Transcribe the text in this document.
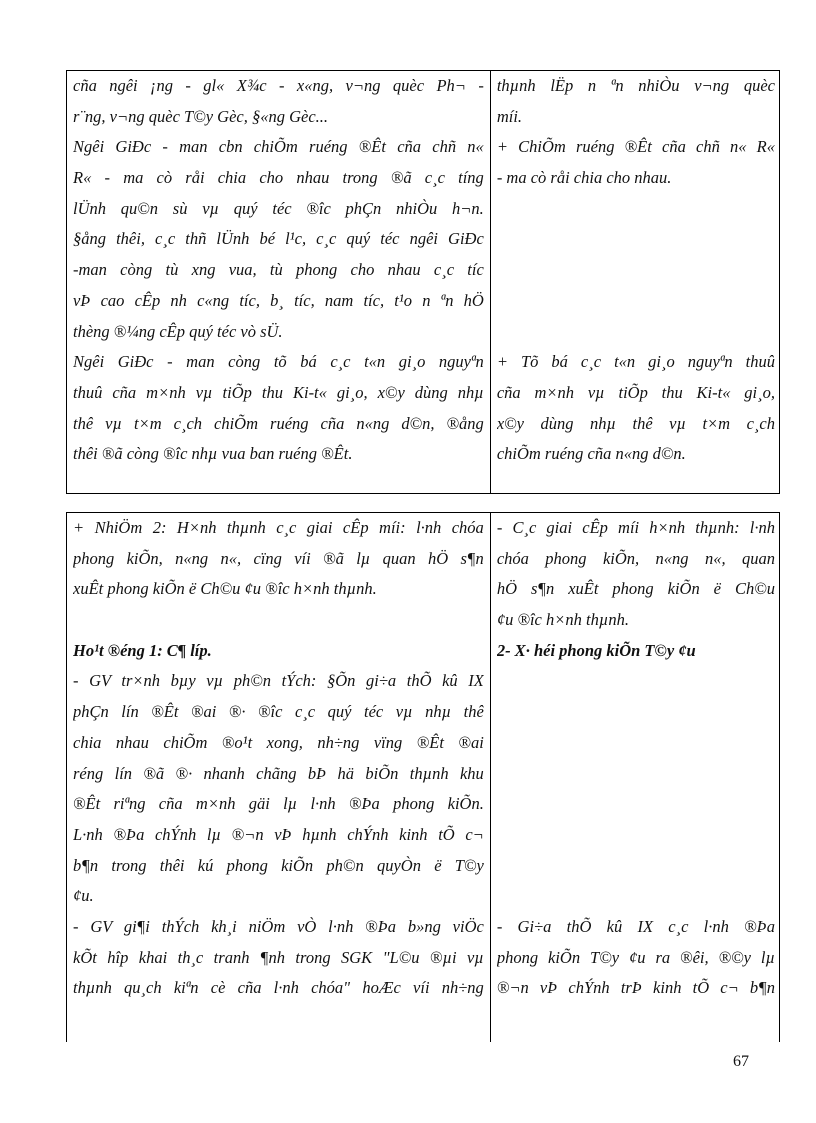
cña ngêi ¡ng - gl« X¾c - x«ng, v¬ng quèc Ph¬ -
r¨ng, v¬ng quèc T©y Gèc, §«ng Gèc...
Ngêi GiÐc - man cbn chiÕm ruéng ®Êt cña chñ n«
R« - ma cò råi chia cho nhau trong ®ã c¸c tíng
lÜnh qu©n sù vµ quý téc ®îc phÇn nhiÒu h¬n.
§ång thêi, c¸c thñ lÜnh bé l¹c, c¸c quý téc ngêi GiÐc
-man còng tù xng vua, tù phong cho nhau c¸c tíc
vÞ cao cÊp nh c«ng tíc, b¸ tíc, nam tíc, t¹o n ªn hÖ
thèng ®¼ng cÊp quý téc vò sÜ.
Ngêi GiÐc - man còng tõ bá c¸c t«n gi¸o nguyªn
thuû cña m×nh vµ tiÕp thu Ki-t« gi¸o, x©y dùng nhµ
thê vµ t×m c¸ch chiÕm ruéng cña n«ng d©n, ®ång
thêi ®ã còng ®îc nhµ vua ban ruéng ®Êt.
thµnh lËp n ªn nhiÒu v¬ng quèc
míi.
+ ChiÕm ruéng ®Êt cña chñ n« R«
- ma cò råi chia cho nhau.
+ Tõ bá c¸c t«n gi¸o nguyªn thuû
cña m×nh vµ tiÕp thu Ki-t« gi¸o,
x©y dùng nhµ thê vµ t×m c¸ch
chiÕm ruéng cña n«ng d©n.
+ NhiÖm 2: H×nh thµnh c¸c giai cÊp míi: l·nh chóa
phong kiÕn, n«ng n«, cïng víi ®ã lµ quan hÖ s¶n
xuÊt phong kiÕn ë Ch©u ¢u ®îc h×nh thµnh.
Ho¹t ®éng 1: C¶ líp.
- GV tr×nh bµy vµ ph©n tÝch: §Õn gi÷a thÕ kû IX
phÇn lín ®Êt ®ai ®· ®îc c¸c quý téc vµ nhµ thê
chia nhau chiÕm ®o¹t xong, nh÷ng vïng ®Êt ®ai
réng lín ®ã ®· nhanh chãng bÞ hä biÕn thµnh khu
®Êt riªng cña m×nh gäi lµ l·nh ®Þa phong kiÕn.
L·nh ®Þa chÝnh lµ ®¬n vÞ hµnh chÝnh kinh tÕ c¬
b¶n trong thêi kú phong kiÕn ph©n quyÒn ë T©y
¢u.
- GV gi¶i thÝch kh¸i niÖm vÒ l·nh ®Þa b»ng viÖc
kÕt hîp khai th¸c tranh ¶nh trong SGK "L©u ®µi vµ
thµnh qu¸ch kiªn cè cña l·nh chóa" hoÆc víi nh÷ng
- C¸c giai cÊp míi h×nh thµnh: l·nh
chóa phong kiÕn, n«ng n«, quan
hÖ s¶n xuÊt phong kiÕn ë Ch©u
¢u ®îc h×nh thµnh.
2- X· héi phong kiÕn T©y ¢u
- Gi÷a thÕ kû IX c¸c l·nh ®Þa
phong kiÕn T©y ¢u ra ®êi, ®©y lµ
®¬n vÞ chÝnh trÞ kinh tÕ c¬ b¶n
67
